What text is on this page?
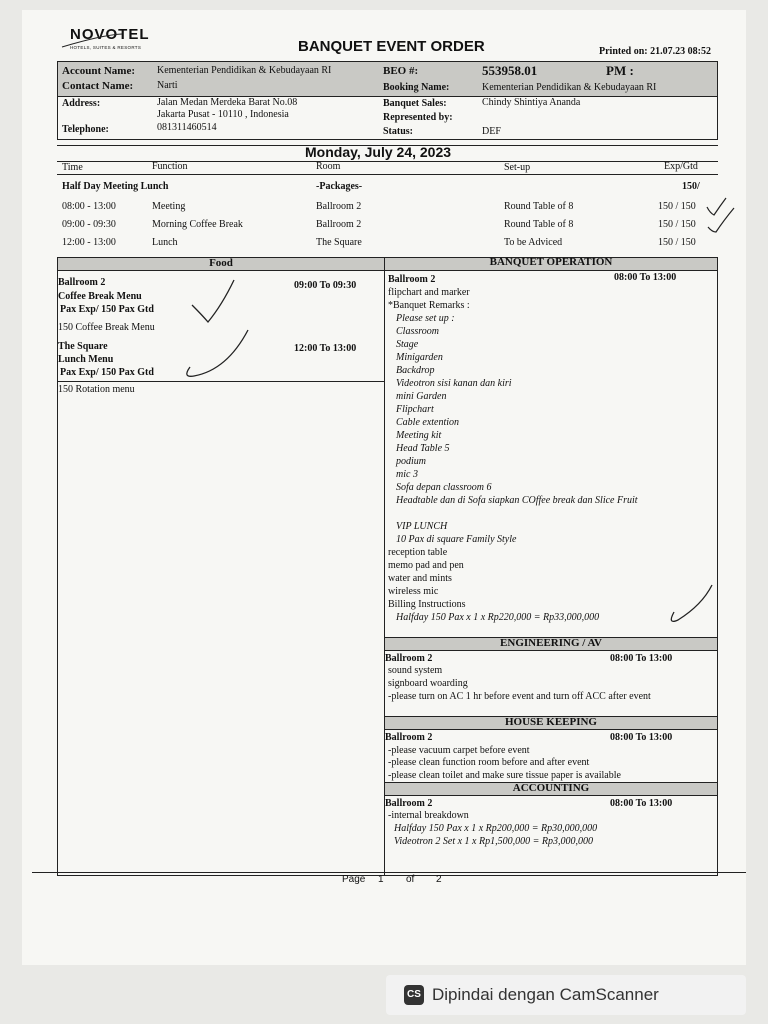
NOVOTEL
HOTELS, SUITES & RESORTS	BANQUET EVENT ORDER	Printed on: 21.07.23 08:52
Account Name: Kementerian Pendidikan & Kebudayaan RI
Contact Name: Narti
Address:	Jalan Medan Merdeka Barat No.08
Jakarta Pusat - 10110 , Indonesia
Telephone:	081311460514
BEO #:	553958.01	PM :
Booking Name:	Kementerian Pendidikan & Kebudayaan RI
Banquet Sales:	Chindy Shintiya Ananda
Represented by:
Status:	DEF
Monday, July 24, 2023
Time	Function	Room	Set-up	Exp/Gtd
Half Day Meeting Lunch	-Packages-	150/
08:00 - 13:00	Meeting	Ballroom 2	Round Table of 8	150 / 150
09:00 - 09:30	Morning Coffee Break	Ballroom 2	Round Table of 8	150 / 150
12:00 - 13:00	Lunch	The Square	To be Adviced	150 / 150
Food
Ballroom 2
Coffee Break Menu
Pax Exp/ 150 Pax Gtd
09:00 To 09:30
150 Coffee Break Menu
The Square
Lunch Menu
Pax Exp/ 150 Pax Gtd
12:00 To 13:00
150 Rotation menu
BANQUET OPERATION
Ballroom 2	08:00 To 13:00
flipchart and marker
*Banquet Remarks :
Please set up :
Classroom
Stage
Minigarden
Backdrop
Videotron sisi kanan dan kiri
mini Garden
Flipchart
Cable extention
Meeting kit
Head Table 5
podium
mic 3
Sofa depan classroom 6
Headtable dan di Sofa siapkan COffee break dan Slice Fruit
VIP LUNCH
10 Pax di square Family Style
reception table
memo pad and pen
water and mints
wireless mic
Billing Instructions
Halfday 150 Pax x 1 x Rp220,000 = Rp33,000,000
ENGINEERING / AV
Ballroom 2	08:00 To 13:00
sound system
signboard woarding
-please turn on AC 1 hr before event and turn off ACC after event
HOUSE KEEPING
Ballroom 2	08:00 To 13:00
-please vacuum carpet before event
-please clean function room before and after event
-please clean toilet and make sure tissue paper is available
ACCOUNTING
Ballroom 2	08:00 To 13:00
-internal breakdown
Halfday 150 Pax x 1 x Rp200,000 = Rp30,000,000
Videotron 2 Set x 1 x Rp1,500,000 = Rp3,000,000
Page 1 of 2
CS Dipindai dengan CamScanner
